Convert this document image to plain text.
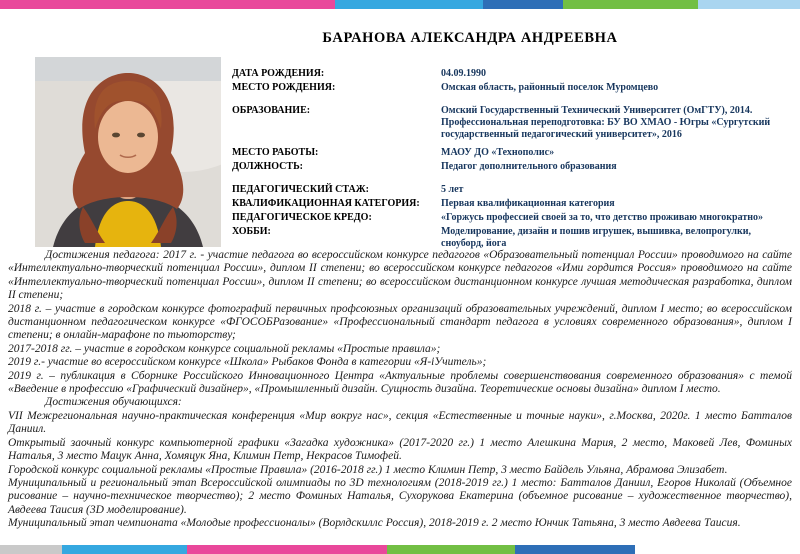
БАРАНОВА АЛЕКСАНДРА АНДРЕЕВНА
ДАТА РОЖДЕНИЯ:	04.09.1990
МЕСТО РОЖДЕНИЯ:	Омская область, районный поселок Муромцево
ОБРАЗОВАНИЕ:	Омский Государственный Технический Университет (ОмГТУ), 2014. Профессиональная переподготовка: БУ ВО ХМАО - Югры «Сургутский государственный педагогический университет», 2016
МЕСТО РАБОТЫ:	МАОУ ДО «Технополис»
ДОЛЖНОСТЬ:	Педагог дополнительного образования
ПЕДАГОГИЧЕСКИЙ СТАЖ:	5 лет
КВАЛИФИКАЦИОННАЯ КАТЕГОРИЯ:	Первая квалификационная категория
ПЕДАГОГИЧЕСКОЕ КРЕДО:	«Горжусь профессией своей за то, что детство проживаю многократно»
ХОББИ:	Моделирование, дизайн и пошив игрушек, вышивка, велопрогулки, сноуборд, йога

Достижения педагога: 2017 г. - участие педагога во всероссийском конкурсе педагогов «Образовательный потенциал России» проводимого на сайте «Интеллектуально-творческий потенциал России», диплом II степени; во всероссийском конкурсе педагогов «Ими гордится Россия» проводимого на сайте «Интеллектуально-творческий потенциал России», диплом II степени; во всероссийском дистанционном конкурсе лучшая методическая разработка, диплом II степени;

2018 г. – участие в городском конкурсе фотографий первичных профсоюзных организаций образовательных учреждений, диплом I место; во всероссийском дистанционном педагогическом конкурсе «ФГОСОБРазование» «Профессиональный стандарт педагога в условиях современного образования», диплом I степени; в онлайн-марафоне по тьюторству;

2017-2018 гг. – участие в городском конкурсе социальной рекламы «Простые правила»;

2019 г.- участие во всероссийском конкурсе «Школа» Рыбаков Фонда в категории «Я-iУчитель»;

2019 г. – публикация в Сборнике Российского Инновационного Центра «Актуальные проблемы совершенствования современного образования» с темой «Введение в профессию «Графический дизайнер», «Промышленный дизайн. Сущность дизайна. Теоретические основы дизайна» диплом I место.

Достижения обучающихся:

VII Межрегиональная научно-практическая конференция «Мир вокруг нас», секция «Естественные и точные науки», г.Москва, 2020г. 1 место Батталов Даниил.

Открытый заочный конкурс компьютерной графики «Загадка художника» (2017-2020 гг.) 1 место Алешкина Мария, 2 место, Маковей Лев, Фоминых Наталья, 3 место Мацук Анна, Хомяцук Яна, Климин Петр, Некрасов Тимофей.

Городской конкурс социальной рекламы «Простые Правила» (2016-2018 гг.) 1 место Климин Петр, 3 место Байдель Ульяна, Абрамова Элизабет.

Муниципальный и региональный этап Всероссийской олимпиады по 3D технологиям (2018-2019 гг.) 1 место: Батталов Даниил, Егоров Николай (Объемное рисование – научно-техническое творчество); 2 место Фоминых Наталья, Сухорукова Екатерина (объемное рисование – художественное творчество), Авдеева Таисия (3D моделирование).

Муниципальный этап чемпионата «Молодые профессионалы» (Ворлдскиллс Россия), 2018-2019 г. 2 место Юнчик Татьяна, 3 место Авдеева Таисия.
